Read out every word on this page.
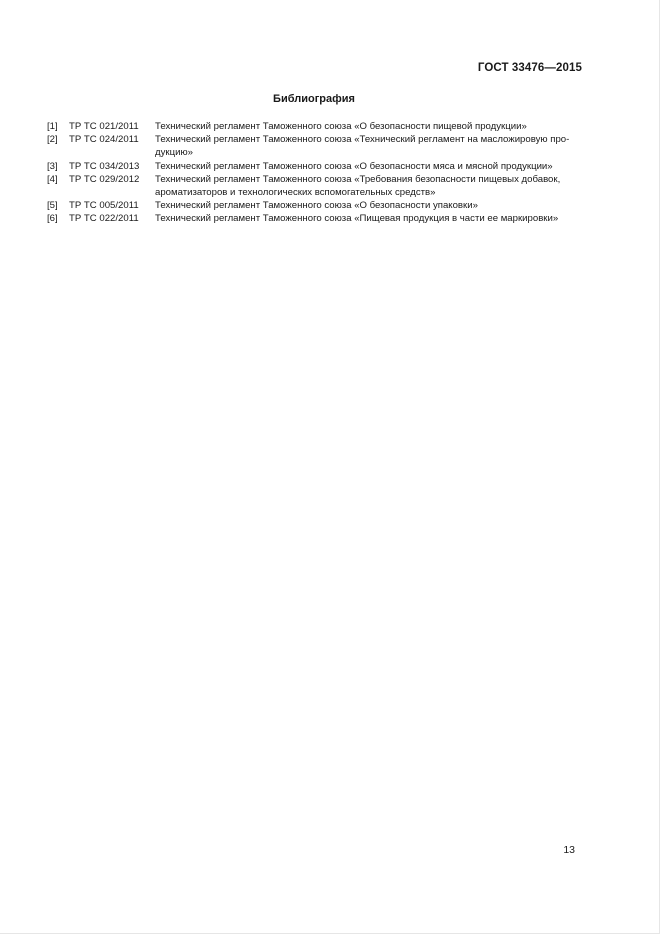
ГОСТ 33476—2015
Библиография
[1]	ТР ТС 021/2011	Технический регламент Таможенного союза «О безопасности пищевой продукции»
[2]	ТР ТС 024/2011	Технический регламент Таможенного союза «Технический регламент на масложировую про-дукцию»
[3]	ТР ТС 034/2013	Технический регламент Таможенного союза «О безопасности мяса и мясной продукции»
[4]	ТР ТС 029/2012	Технический регламент Таможенного союза «Требования безопасности пищевых добавок, ароматизаторов и технологических вспомогательных средств»
[5]	ТР ТС 005/2011	Технический регламент Таможенного союза «О безопасности упаковки»
[6]	ТР ТС 022/2011	Технический регламент Таможенного союза «Пищевая продукция в части ее маркировки»
13
